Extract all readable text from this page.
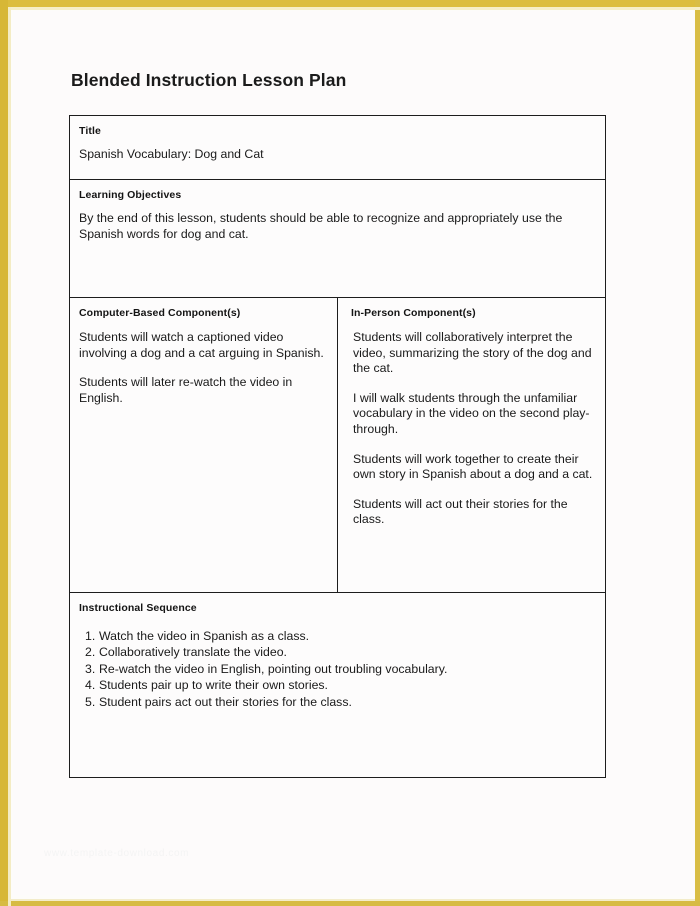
Blended Instruction Lesson Plan

Title

Spanish Vocabulary: Dog and Cat

Learning Objectives

By the end of this lesson, students should be able to recognize and appropriately use the Spanish words for dog and cat.

Computer-Based Component(s)

Students will watch a captioned video involving a dog and a cat arguing in Spanish.

Students will later re-watch the video in English.

In-Person Component(s)

Students will collaboratively interpret the video, summarizing the story of the dog and the cat.

I will walk students through the unfamiliar vocabulary in the video on the second play-through.

Students will work together to create their own story in Spanish about a dog and a cat.

Students will act out their stories for the class.

Instructional Sequence

1. Watch the video in Spanish as a class.
2. Collaboratively translate the video.
3. Re-watch the video in English, pointing out troubling vocabulary.
4. Students pair up to write their own stories.
5. Student pairs act out their stories for the class.
www.template-download.com
